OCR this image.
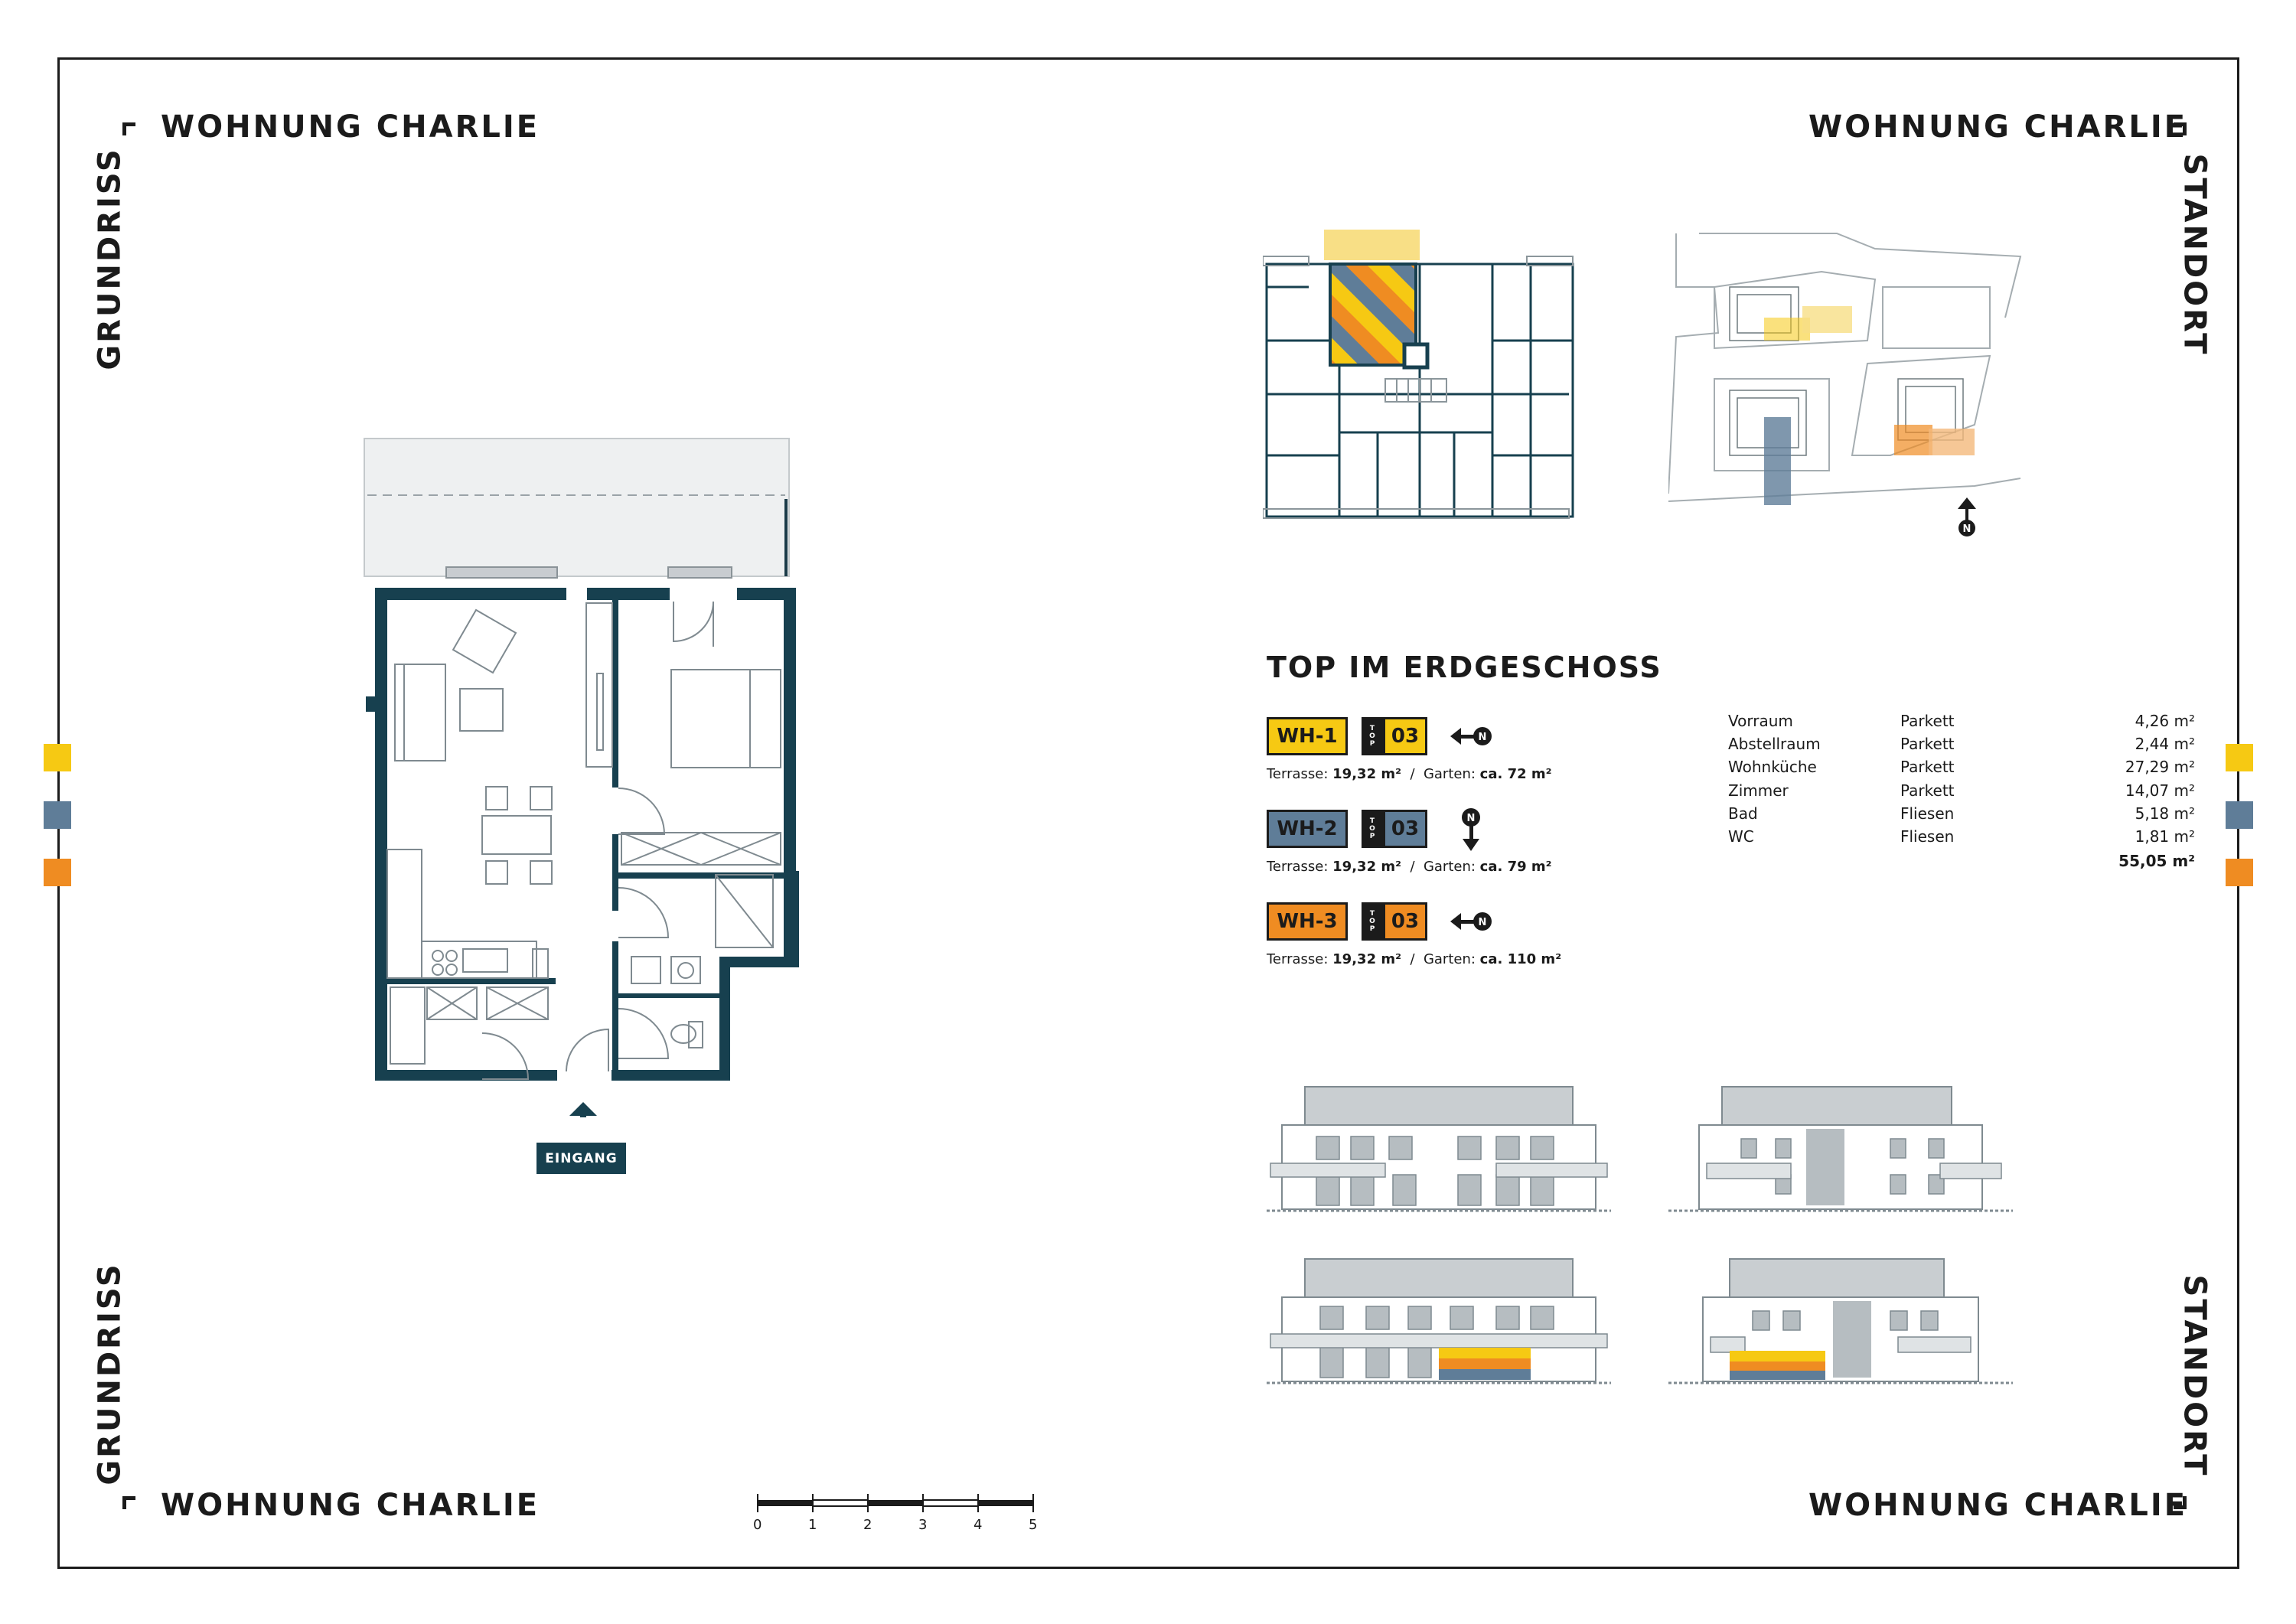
WOHNUNG CHARLIE	WOHNUNG CHARLIE
WOHNUNG CHARLIE	WOHNUNG CHARLIE
GRUNDRISS
GRUNDRISS
STANDORT
STANDORT
EINGANG
0	1	2	3	4	5
N
TOP IM ERDGESCHOSS
WH-1	TOP 03	N
Terrasse: 19,32 m²  /  Garten: ca. 72 m²
WH-2	TOP 03	N
Terrasse: 19,32 m²  /  Garten: ca. 79 m²
WH-3	TOP 03	N
Terrasse: 19,32 m²  /  Garten: ca. 110 m²
Vorraum	Parkett	4,26 m²
Abstellraum	Parkett	2,44 m²
Wohnküche	Parkett	27,29 m²
Zimmer	Parkett	14,07 m²
Bad	Fliesen	5,18 m²
WC	Fliesen	1,81 m²
55,05 m²
